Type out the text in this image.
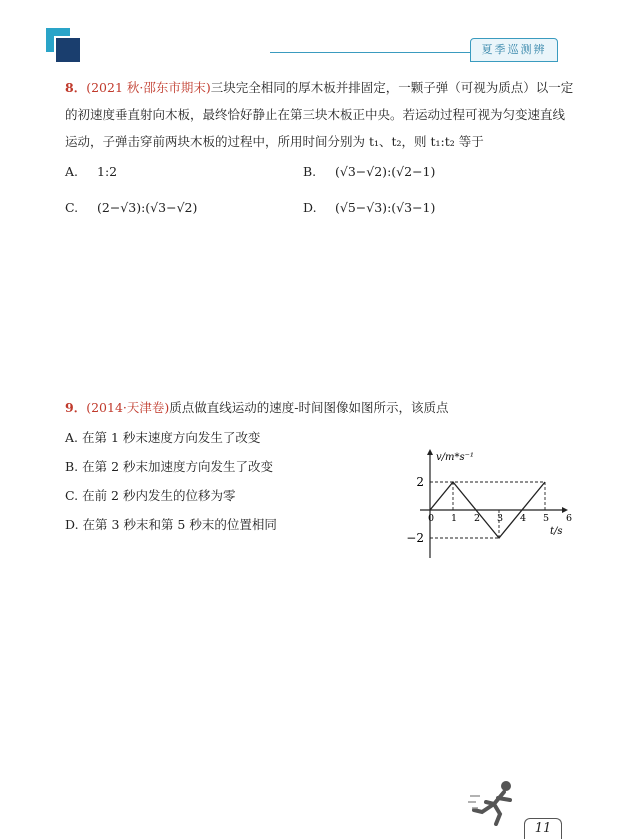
夏季巡测辨
8．(2021 秋·邵东市期末)三块完全相同的厚木板并排固定，一颗子弹（可视为质点）以一定的初速度垂直射向木板，最终恰好静止在第三块木板正中央。若运动过程可视为匀变速直线运动，子弹击穿前两块木板的过程中，所用时间分别为 t₁、t₂，则 t₁:t₂ 等于
A. 1:2	B. (√3−√2):(√2−1)
C. (2−√3):(√3−√2)	D. (√5−√3):(√3−1)
9．(2014·天津卷)质点做直线运动的速度-时间图像如图所示，该质点
A. 在第 1 秒末速度方向发生了改变
B. 在第 2 秒末加速度方向发生了改变
C. 在前 2 秒内发生的位移为零
D. 在第 3 秒末和第 5 秒末的位置相同	0 1 2 3 4 5 6
2
−2
v/m*s⁻¹
t/s
11
